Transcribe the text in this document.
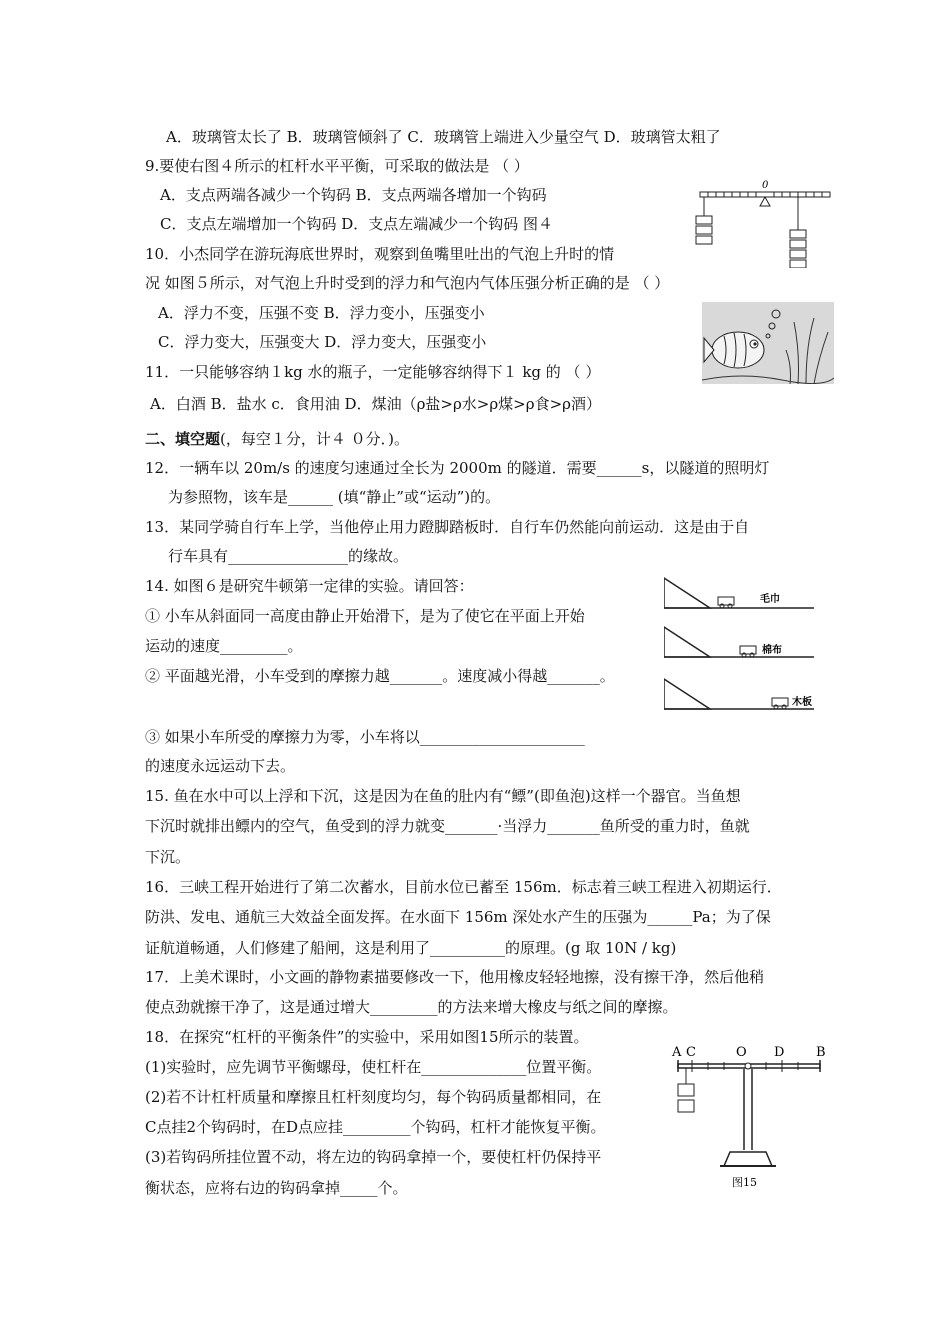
A．玻璃管太长了 B．玻璃管倾斜了 C．玻璃管上端进入少量空气 D．玻璃管太粗了
9.要使右图４所示的杠杆水平平衡，可采取的做法是 （ ）
A．支点两端各减少一个钩码 B．支点两端各增加一个钩码
C．支点左端增加一个钩码 D．支点左端减少一个钩码 图４
0
10．小杰同学在游玩海底世界时，观察到鱼嘴里吐出的气泡上升时的情
况 如图５所示，对气泡上升时受到的浮力和气泡内气体压强分析正确的是 （ ）
A．浮力不变，压强不变 B．浮力变小，压强变小
C．浮力变大，压强变大 D．浮力变大，压强变小
11．一只能够容纳１kg 水的瓶子，一定能够容纳得下１ kg 的 （ ）
A．白酒 B．盐水 c．食用油 D．煤油（ρ盐>ρ水>ρ煤>ρ食>ρ酒）
二、填空题(，每空１分，计４ ０分．)。
12．一辆车以 20m/s 的速度匀速通过全长为 2000m 的隧道．需要______s，以隧道的照明灯
为参照物，该车是______ (填“静止”或“运动”)的。
13．某同学骑自行车上学，当他停止用力蹬脚踏板时．自行车仍然能向前运动．这是由于自
行车具有________________的缘故。
14. 如图６是研究牛顿第一定律的实验。请回答：
① 小车从斜面同一高度由静止开始滑下，是为了使它在平面上开始
运动的速度_________。
② 平面越光滑，小车受到的摩擦力越_______。速度减小得越_______。
③ 如果小车所受的摩擦力为零，小车将以______________________
的速度永远运动下去。
毛巾
棉布
木板
15. 鱼在水中可以上浮和下沉，这是因为在鱼的肚内有“鳔”(即鱼泡)这样一个器官。当鱼想
下沉时就排出鳔内的空气，鱼受到的浮力就变_______·当浮力_______鱼所受的重力时，鱼就
下沉。
16．三峡工程开始进行了第二次蓄水，目前水位已蓄至 156m．标志着三峡工程进入初期运行．
防洪、发电、通航三大效益全面发挥。在水面下 156m 深处水产生的压强为______Pa；为了保
证航道畅通，人们修建了船闸，这是利用了__________的原理。(g 取 10N / kg)
17．上美术课时，小文画的静物素描要修改一下，他用橡皮轻轻地擦，没有擦干净，然后他稍
使点劲就擦干净了，这是通过增大_________的方法来增大橡皮与纸之间的摩擦。
18．在探究“杠杆的平衡条件”的实验中，采用如图15所示的装置。
(1)实验时，应先调节平衡螺母，使杠杆在______________位置平衡。
(2)若不计杠杆质量和摩擦且杠杆刻度均匀，每个钩码质量都相同，在
C点挂2个钩码时，在D点应挂_________个钩码，杠杆才能恢复平衡。
(3)若钩码所挂位置不动，将左边的钩码拿掉一个，要使杠杆仍保持平
衡状态，应将右边的钩码拿掉_____个。
A C	O D B
图15
